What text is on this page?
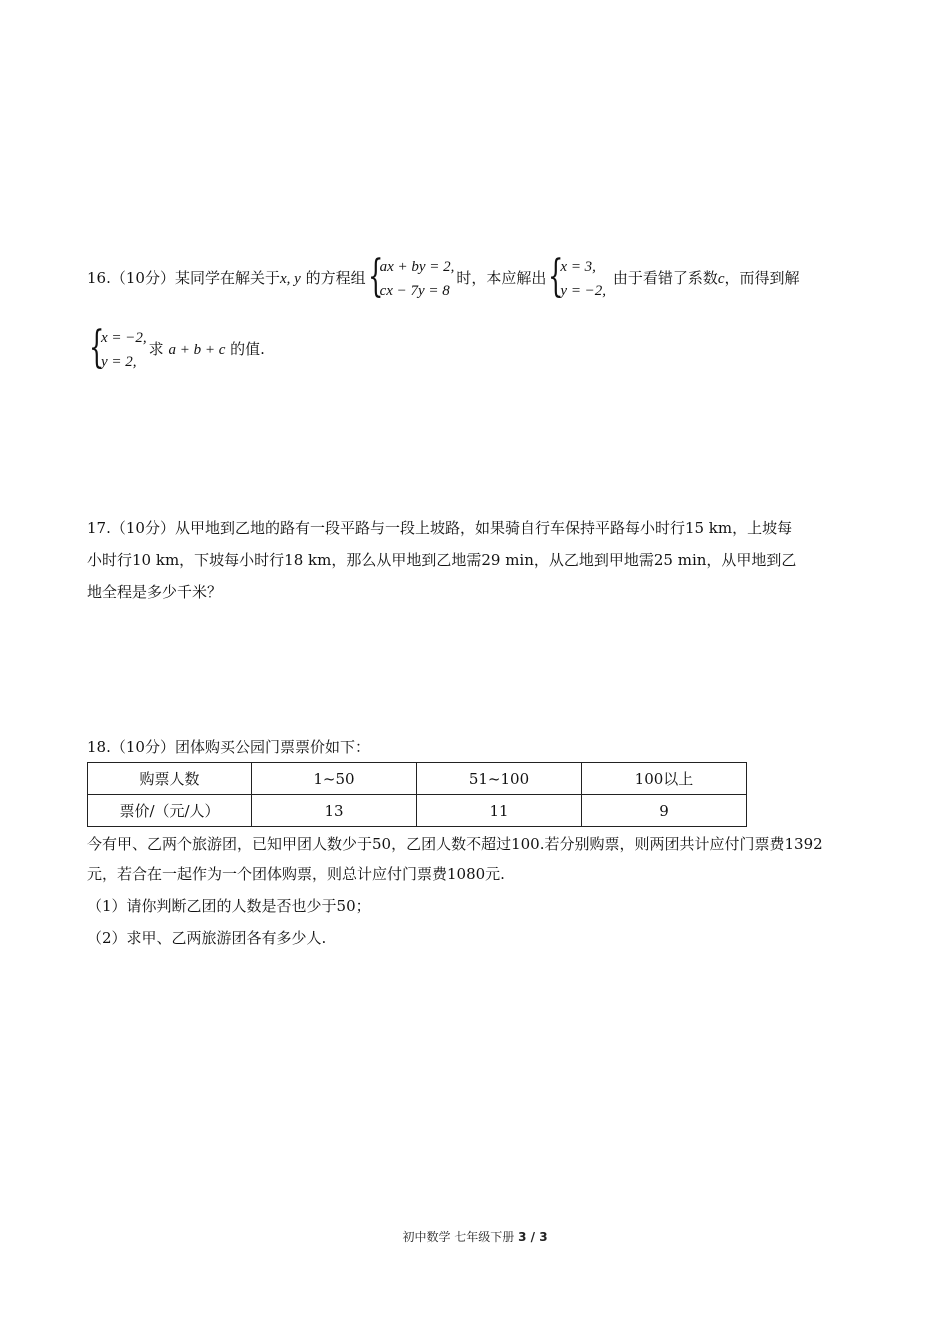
16.（10分）某同学在解关于x, y 的方程组 {
ax + by = 2,
cx − 7y = 8
时，本应解出 {
x = 3,
y = −2,
由于看错了系数c，而得到解
{
x = −2,
y = 2,
求 a + b + c 的值.
17.（10分）从甲地到乙地的路有一段平路与一段上坡路，如果骑自行车保持平路每小时行15 km，上坡每
小时行10 km，下坡每小时行18 km，那么从甲地到乙地需29 min，从乙地到甲地需25 min，从甲地到乙
地全程是多少千米？
18.（10分）团体购买公园门票票价如下：
购票人数	1~50	51~100	100以上
票价/（元/人）	13	11	9
今有甲、乙两个旅游团，已知甲团人数少于50，乙团人数不超过100.若分别购票，则两团共计应付门票费1392
元，若合在一起作为一个团体购票，则总计应付门票费1080元.
（1）请你判断乙团的人数是否也少于50；
（2）求甲、乙两旅游团各有多少人.
初中数学 七年级下册 3 / 3
